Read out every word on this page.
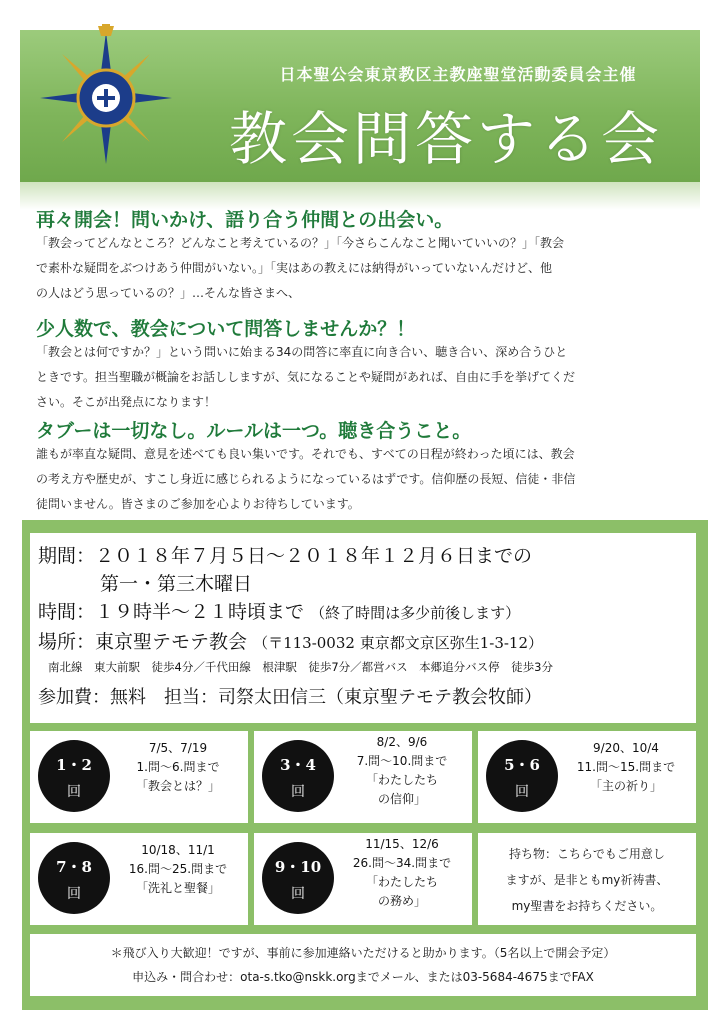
日本聖公会東京教区主教座聖堂活動委員会主催
教会問答する会
再々開会！問いかけ、語り合う仲間との出会い。
「教会ってどんなところ？どんなこと考えているの？」「今さらこんなこと聞いていいの？」「教会
で素朴な疑問をぶつけあう仲間がいない。」「実はあの教えには納得がいっていないんだけど、他
の人はどう思っているの？」…そんな皆さまへ、
少人数で、教会について問答しませんか？！
「教会とは何ですか？」という問いに始まる34の問答に率直に向き合い、聴き合い、深め合うひと
ときです。担当聖職が概論をお話ししますが、気になることや疑問があれば、自由に手を挙げてくだ
さい。そこが出発点になります！
タブーは一切なし。ルールは一つ。聴き合うこと。
誰もが率直な疑問、意見を述べても良い集いです。それでも、すべての日程が終わった頃には、教会
の考え方や歴史が、すこし身近に感じられるようになっているはずです。信仰歴の長短、信徒・非信
徒問いません。皆さまのご参加を心よりお待ちしています。
期間：２０１８年７月５日〜２０１８年１２月６日までの
第一・第三木曜日
時間：１９時半〜２１時頃まで （終了時間は多少前後します）
場所：東京聖テモテ教会 （〒113-0032 東京都文京区弥生1-3-12）
南北線　東大前駅　徒歩4分／千代田線　根津駅　徒歩7分／都営バス　本郷追分バス停　徒歩3分
参加費：無料　担当：司祭太田信三（東京聖テモテ教会牧師）
1・2
回
7/5、7/19
1.問〜6.問まで
「教会とは？」
3・4
回
8/2、9/6
7.問〜10.問まで
「わたしたち
の信仰」
5・6
回
9/20、10/4
11.問〜15.問まで
「主の祈り」
7・8
回
10/18、11/1
16.問〜25.問まで
「洗礼と聖餐」
9・10
回
11/15、12/6
26.問〜34.問まで
「わたしたち
の務め」
持ち物：こちらでもご用意し
ますが、是非ともmy祈祷書、
my聖書をお持ちください。
＊飛び入り大歓迎！ですが、事前に参加連絡いただけると助かります。（5名以上で開会予定）
申込み・問合わせ：ota-s.tko@nskk.orgまでメール、または03-5684-4675までFAX
